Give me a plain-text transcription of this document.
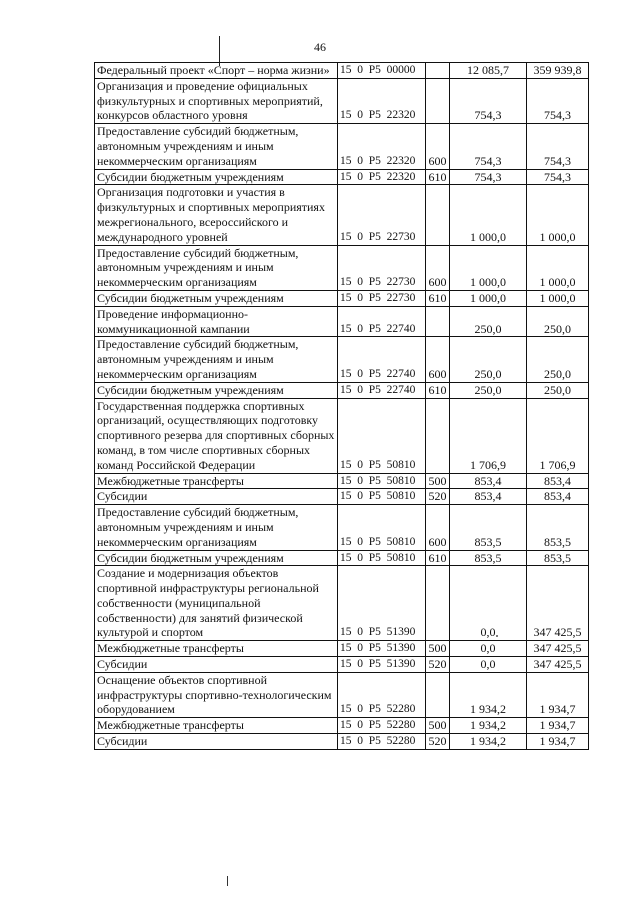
46
Федеральный проект «Спорт – норма жизни»	15  0  Р5  00000		12 085,7	359 939,8
Организация и проведение официальных физкультурных и спортивных мероприятий, конкурсов областного уровня	15  0  Р5  22320		754,3	754,3
Предоставление субсидий бюджетным, автономным учреждениям и иным некоммерческим организациям	15  0  Р5  22320	600	754,3	754,3
Субсидии бюджетным учреждениям	15  0  Р5  22320	610	754,3	754,3
Организация подготовки и участия в физкультурных и спортивных мероприятиях межрегионального, всероссийского и международного уровней	15  0  Р5  22730		1 000,0	1 000,0
Предоставление субсидий бюджетным, автономным учреждениям и иным некоммерческим организациям	15  0  Р5  22730	600	1 000,0	1 000,0
Субсидии бюджетным учреждениям	15  0  Р5  22730	610	1 000,0	1 000,0
Проведение информационно-коммуникационной кампании	15  0  Р5  22740		250,0	250,0
Предоставление субсидий бюджетным, автономным учреждениям и иным некоммерческим организациям	15  0  Р5  22740	600	250,0	250,0
Субсидии бюджетным учреждениям	15  0  Р5  22740	610	250,0	250,0
Государственная поддержка спортивных организаций, осуществляющих подготовку спортивного резерва для спортивных сборных команд, в том числе спортивных сборных команд Российской Федерации	15  0  Р5  50810		1 706,9	1 706,9
Межбюджетные трансферты	15  0  Р5  50810	500	853,4	853,4
Субсидии	15  0  Р5  50810	520	853,4	853,4
Предоставление субсидий бюджетным, автономным учреждениям и иным некоммерческим организациям	15  0  Р5  50810	600	853,5	853,5
Субсидии бюджетным учреждениям	15  0  Р5  50810	610	853,5	853,5
Создание и модернизация объектов спортивной инфраструктуры региональной собственности (муниципальной собственности) для занятий физической культурой и спортом	15  0  Р5  51390		0,0	347 425,5
Межбюджетные трансферты	15  0  Р5  51390	500	0,0	347 425,5
Субсидии	15  0  Р5  51390	520	0,0	347 425,5
Оснащение объектов спортивной инфраструктуры спортивно-технологическим оборудованием	15  0  Р5  52280		1 934,2	1 934,7
Межбюджетные трансферты	15  0  Р5  52280	500	1 934,2	1 934,7
Субсидии	15  0  Р5  52280	520	1 934,2	1 934,7
